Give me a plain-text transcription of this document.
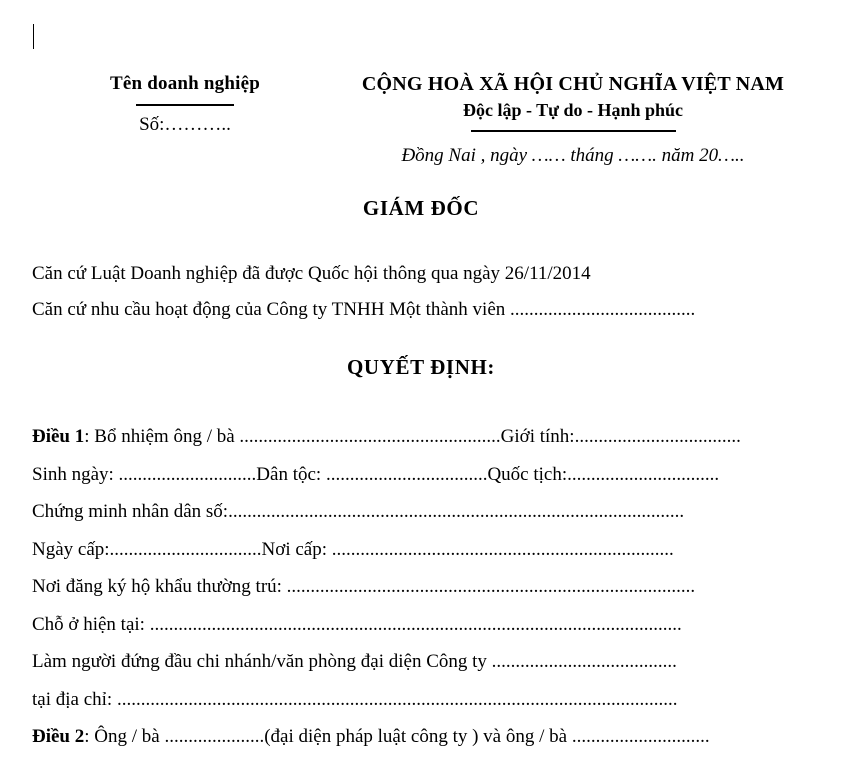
Tên doanh nghiệp
Số:………..
CỘNG HOÀ XÃ HỘI CHỦ NGHĨA VIỆT NAM
Độc lập - Tự do - Hạnh phúc
Đồng Nai , ngày …… tháng ……. năm 20…..
GIÁM ĐỐC
Căn cứ Luật Doanh nghiệp đã được Quốc hội thông qua ngày 26/11/2014
Căn cứ nhu cầu hoạt động của Công ty TNHH Một thành viên .......................................
QUYẾT ĐỊNH:
Điều 1: Bổ nhiệm ông / bà .......................................................Giới tính:...................................
Sinh ngày: .............................Dân tộc: ..................................Quốc tịch:................................
Chứng minh nhân dân số:................................................................................................
Ngày cấp:................................Nơi cấp: ........................................................................
Nơi đăng ký hộ khẩu thường trú: ......................................................................................
Chỗ ở hiện tại: ................................................................................................................
Làm người đứng đầu chi nhánh/văn phòng đại diện Công ty .......................................
tại địa chỉ: ......................................................................................................................
Điều 2: Ông / bà .....................(đại diện pháp luật công ty ) và ông / bà .............................
